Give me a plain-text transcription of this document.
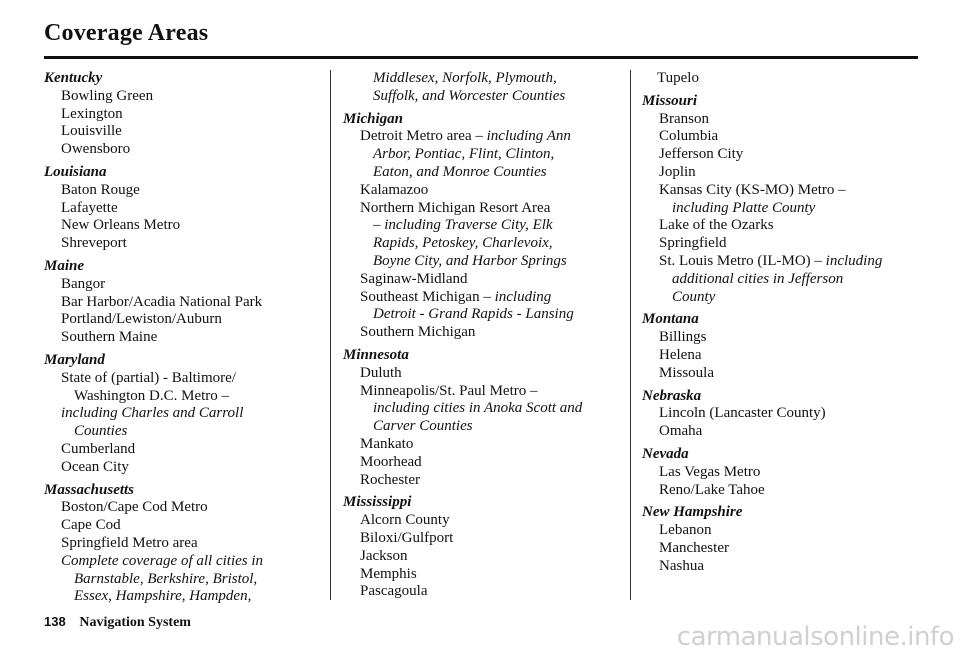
Coverage Areas
Kentucky
Bowling Green
Lexington
Louisville
Owensboro
Louisiana
Baton Rouge
Lafayette
New Orleans Metro
Shreveport
Maine
Bangor
Bar Harbor/Acadia National Park
Portland/Lewiston/Auburn
Southern Maine
Maryland
State of (partial) - Baltimore/
Washington D.C. Metro –
including Charles and Carroll
Counties
Cumberland
Ocean City
Massachusetts
Boston/Cape Cod Metro
Cape Cod
Springfield Metro area
Complete coverage of all cities in
Barnstable, Berkshire, Bristol,
Essex, Hampshire, Hampden,
Middlesex, Norfolk, Plymouth,
Suffolk, and Worcester Counties
Michigan
Detroit Metro area – including Ann
Arbor, Pontiac, Flint, Clinton,
Eaton, and Monroe Counties
Kalamazoo
Northern Michigan Resort Area
– including Traverse City, Elk
Rapids, Petoskey, Charlevoix,
Boyne City, and Harbor Springs
Saginaw-Midland
Southeast Michigan – including
Detroit - Grand Rapids - Lansing
Southern Michigan
Minnesota
Duluth
Minneapolis/St. Paul Metro –
including cities in Anoka Scott and
Carver Counties
Mankato
Moorhead
Rochester
Mississippi
Alcorn County
Biloxi/Gulfport
Jackson
Memphis
Pascagoula
Tupelo
Missouri
Branson
Columbia
Jefferson City
Joplin
Kansas City (KS-MO) Metro –
including Platte County
Lake of the Ozarks
Springfield
St. Louis Metro (IL-MO) – including
additional cities in Jefferson
County
Montana
Billings
Helena
Missoula
Nebraska
Lincoln (Lancaster County)
Omaha
Nevada
Las Vegas Metro
Reno/Lake Tahoe
New Hampshire
Lebanon
Manchester
Nashua
138 Navigation System	carmanualsonline.info
